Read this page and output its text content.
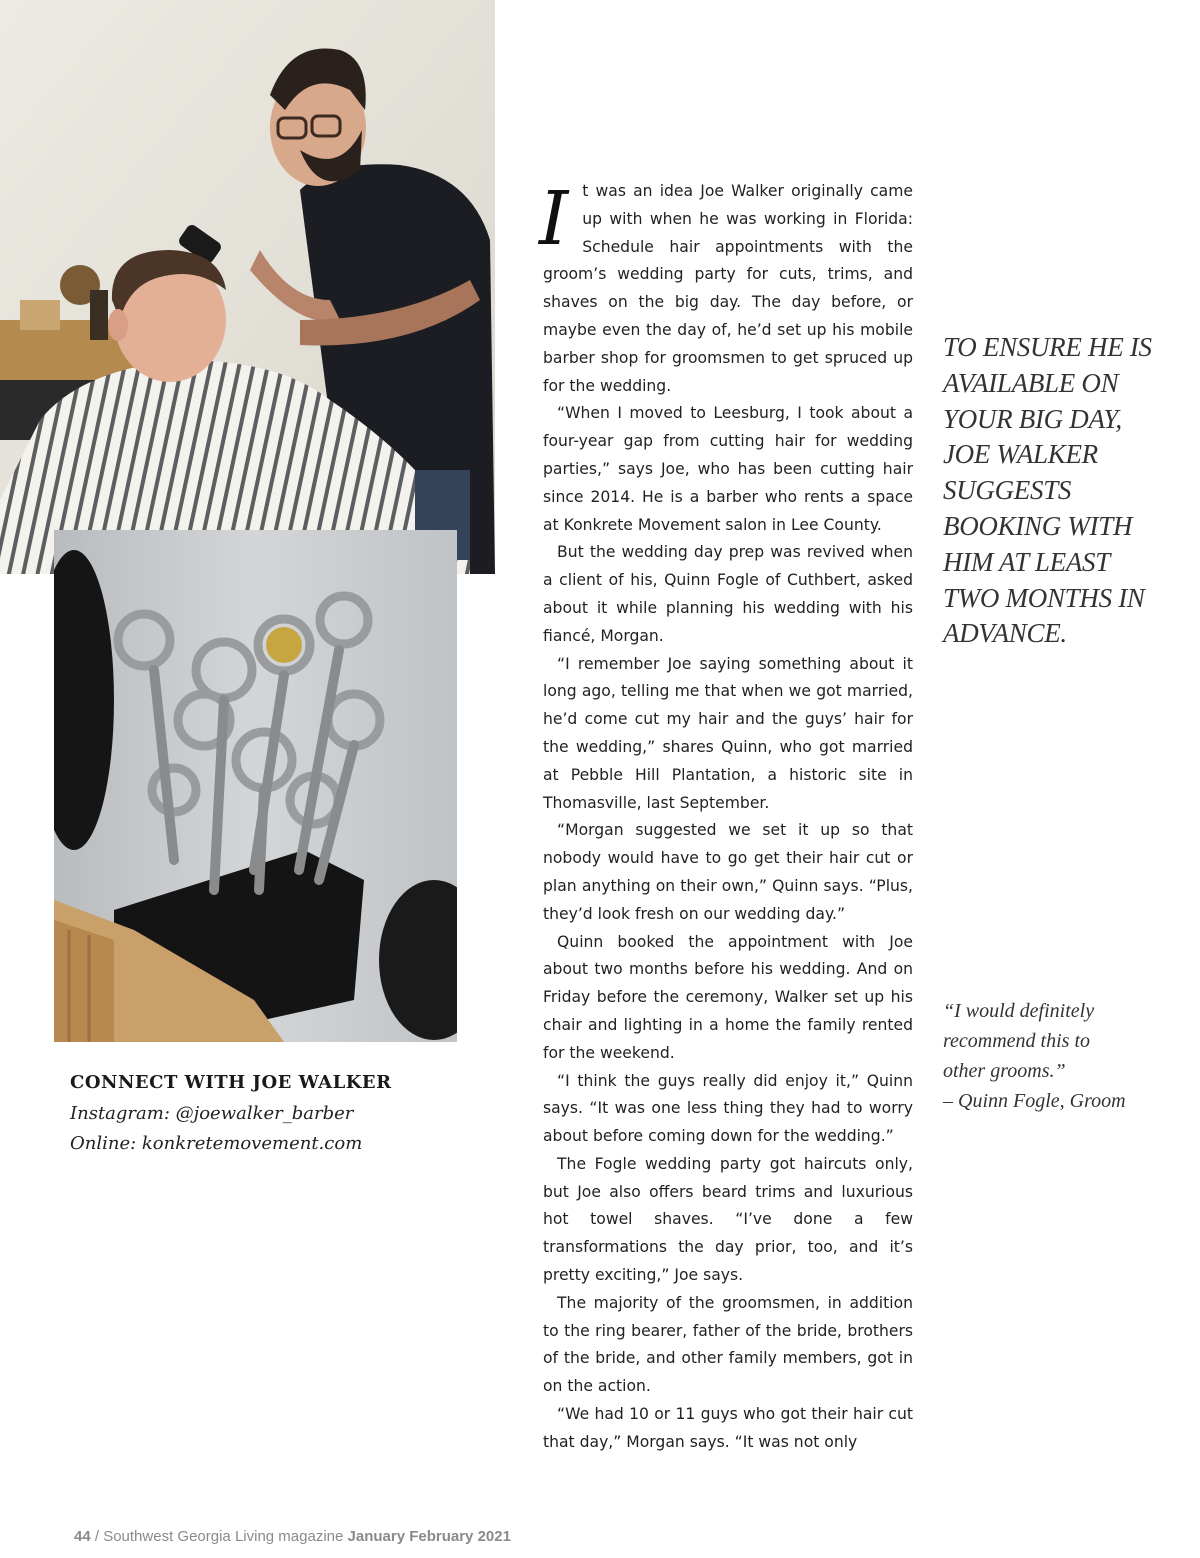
CONNECT WITH JOE WALKER
Instagram: @joewalker_barber
Online: konkretemovement.com

It was an idea Joe Walker originally came up with when he was working in Florida: Schedule hair appointments with the groom’s wedding party for cuts, trims, and shaves on the big day. The day before, or maybe even the day of, he’d set up his mobile barber shop for groomsmen to get spruced up for the wedding.

“When I moved to Leesburg, I took about a four-year gap from cutting hair for wedding parties,” says Joe, who has been cutting hair since 2014. He is a barber who rents a space at Konkrete Movement salon in Lee County.

But the wedding day prep was revived when a client of his, Quinn Fogle of Cuthbert, asked about it while planning his wedding with his fiancé, Morgan.

“I remember Joe saying something about it long ago, telling me that when we got married, he’d come cut my hair and the guys’ hair for the wedding,” shares Quinn, who got married at Pebble Hill Plantation, a historic site in Thomasville, last September.

“Morgan suggested we set it up so that nobody would have to go get their hair cut or plan anything on their own,” Quinn says. “Plus, they’d look fresh on our wedding day.”

Quinn booked the appointment with Joe about two months before his wedding. And on Friday before the ceremony, Walker set up his chair and lighting in a home the family rented for the weekend.

“I think the guys really did enjoy it,” Quinn says. “It was one less thing they had to worry about before coming down for the wedding.”

The Fogle wedding party got haircuts only, but Joe also offers beard trims and luxurious hot towel shaves. “I’ve done a few transformations the day prior, too, and it’s pretty exciting,” Joe says.

The majority of the groomsmen, in addition to the ring bearer, father of the bride, brothers of the bride, and other family members, got in on the action.

“We had 10 or 11 guys who got their hair cut that day,” Morgan says. “It was not only

TO ENSURE HE IS AVAILABLE ON YOUR BIG DAY, JOE WALKER SUGGESTS BOOKING WITH HIM AT LEAST TWO MONTHS IN ADVANCE.
“I would definitely recommend this to other grooms.”
– Quinn Fogle, Groom
44 / Southwest Georgia Living magazine January February 2021
